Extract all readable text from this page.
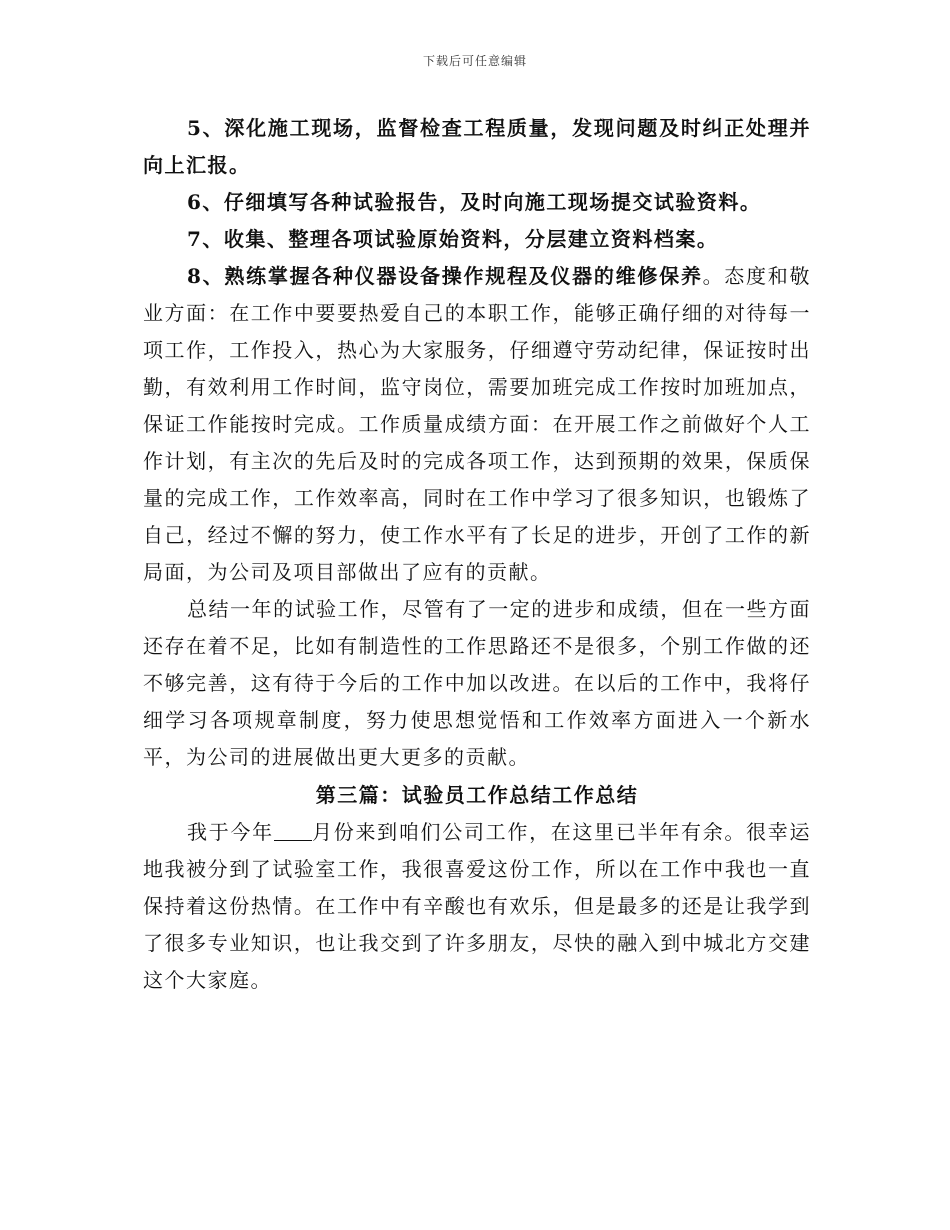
下载后可任意编辑

5、深化施工现场，监督检查工程质量，发现问题及时纠正处理并向上汇报。

6、仔细填写各种试验报告，及时向施工现场提交试验资料。

7、收集、整理各项试验原始资料，分层建立资料档案。

8、熟练掌握各种仪器设备操作规程及仪器的维修保养。态度和敬业方面：在工作中要要热爱自己的本职工作，能够正确仔细的对待每一项工作，工作投入，热心为大家服务，仔细遵守劳动纪律，保证按时出勤，有效利用工作时间，监守岗位，需要加班完成工作按时加班加点，保证工作能按时完成。工作质量成绩方面：在开展工作之前做好个人工作计划，有主次的先后及时的完成各项工作，达到预期的效果，保质保量的完成工作，工作效率高，同时在工作中学习了很多知识，也锻炼了自己，经过不懈的努力，使工作水平有了长足的进步，开创了工作的新局面，为公司及项目部做出了应有的贡献。

总结一年的试验工作，尽管有了一定的进步和成绩，但在一些方面还存在着不足，比如有制造性的工作思路还不是很多，个别工作做的还不够完善，这有待于今后的工作中加以改进。在以后的工作中，我将仔细学习各项规章制度，努力使思想觉悟和工作效率方面进入一个新水平，为公司的进展做出更大更多的贡献。

第三篇：试验员工作总结工作总结

我于今年 月份来到咱们公司工作，在这里已半年有余。很幸运地我被分到了试验室工作，我很喜爱这份工作，所以在工作中我也一直保持着这份热情。在工作中有辛酸也有欢乐，但是最多的还是让我学到了很多专业知识，也让我交到了许多朋友，尽快的融入到中城北方交建这个大家庭。
